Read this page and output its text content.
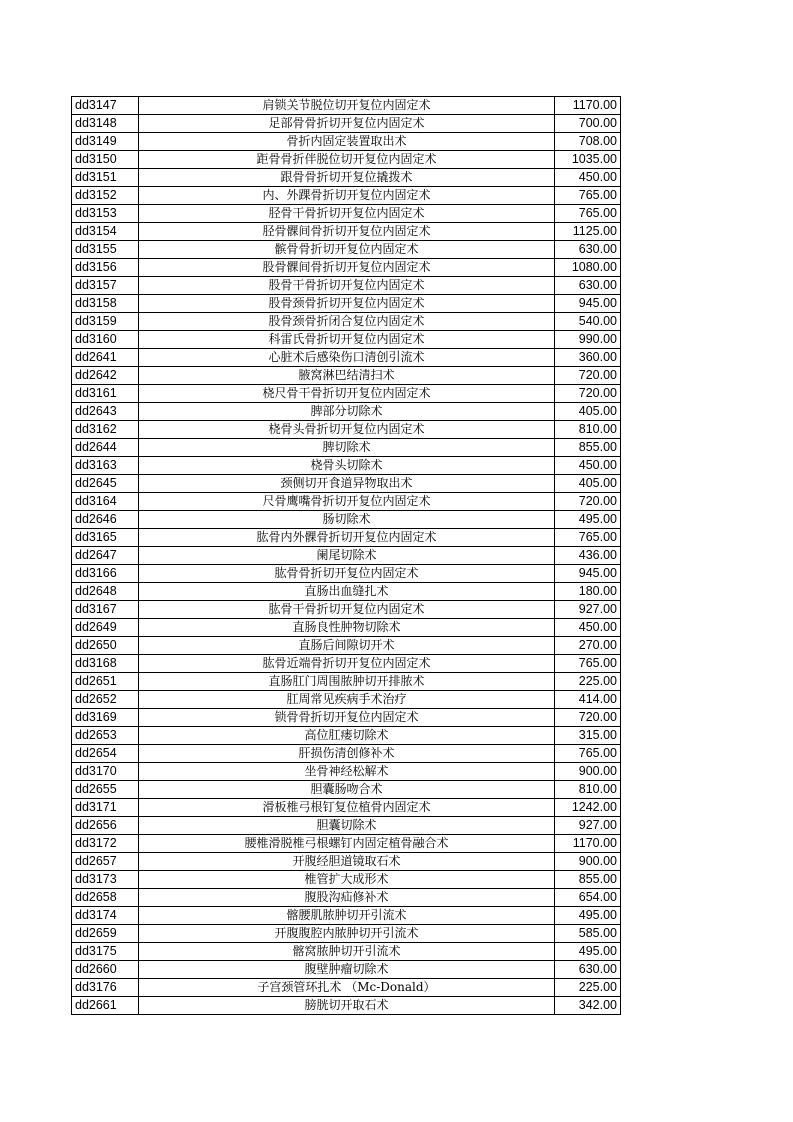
dd3147	肩锁关节脱位切开复位内固定术	1170.00
dd3148	足部骨骨折切开复位内固定术	700.00
dd3149	骨折内固定装置取出术	708.00
dd3150	距骨骨折伴脱位切开复位内固定术	1035.00
dd3151	跟骨骨折切开复位撬拨术	450.00
dd3152	内、外踝骨折切开复位内固定术	765.00
dd3153	胫骨干骨折切开复位内固定术	765.00
dd3154	胫骨髁间骨折切开复位内固定术	1125.00
dd3155	髌骨骨折切开复位内固定术	630.00
dd3156	股骨髁间骨折切开复位内固定术	1080.00
dd3157	股骨干骨折切开复位内固定术	630.00
dd3158	股骨颈骨折切开复位内固定术	945.00
dd3159	股骨颈骨折闭合复位内固定术	540.00
dd3160	科雷氏骨折切开复位内固定术	990.00
dd2641	心脏术后感染伤口清创引流术	360.00
dd2642	腋窝淋巴结清扫术	720.00
dd3161	桡尺骨干骨折切开复位内固定术	720.00
dd2643	脾部分切除术	405.00
dd3162	桡骨头骨折切开复位内固定术	810.00
dd2644	脾切除术	855.00
dd3163	桡骨头切除术	450.00
dd2645	颈侧切开食道异物取出术	405.00
dd3164	尺骨鹰嘴骨折切开复位内固定术	720.00
dd2646	肠切除术	495.00
dd3165	肱骨内外髁骨折切开复位内固定术	765.00
dd2647	阑尾切除术	436.00
dd3166	肱骨骨折切开复位内固定术	945.00
dd2648	直肠出血缝扎术	180.00
dd3167	肱骨干骨折切开复位内固定术	927.00
dd2649	直肠良性肿物切除术	450.00
dd2650	直肠后间隙切开术	270.00
dd3168	肱骨近端骨折切开复位内固定术	765.00
dd2651	直肠肛门周围脓肿切开排脓术	225.00
dd2652	肛周常见疾病手术治疗	414.00
dd3169	锁骨骨折切开复位内固定术	720.00
dd2653	高位肛瘘切除术	315.00
dd2654	肝损伤清创修补术	765.00
dd3170	坐骨神经松解术	900.00
dd2655	胆囊肠吻合术	810.00
dd3171	滑板椎弓根钉复位植骨内固定术	1242.00
dd2656	胆囊切除术	927.00
dd3172	腰椎滑脱椎弓根螺钉内固定植骨融合术	1170.00
dd2657	开腹经胆道镜取石术	900.00
dd3173	椎管扩大成形术	855.00
dd2658	腹股沟疝修补术	654.00
dd3174	髂腰肌脓肿切开引流术	495.00
dd2659	开腹腹腔内脓肿切开引流术	585.00
dd3175	髂窝脓肿切开引流术	495.00
dd2660	腹壁肿瘤切除术	630.00
dd3176	子宫颈管环扎术 （Mc-Donald）	225.00
dd2661	膀胱切开取石术	342.00
